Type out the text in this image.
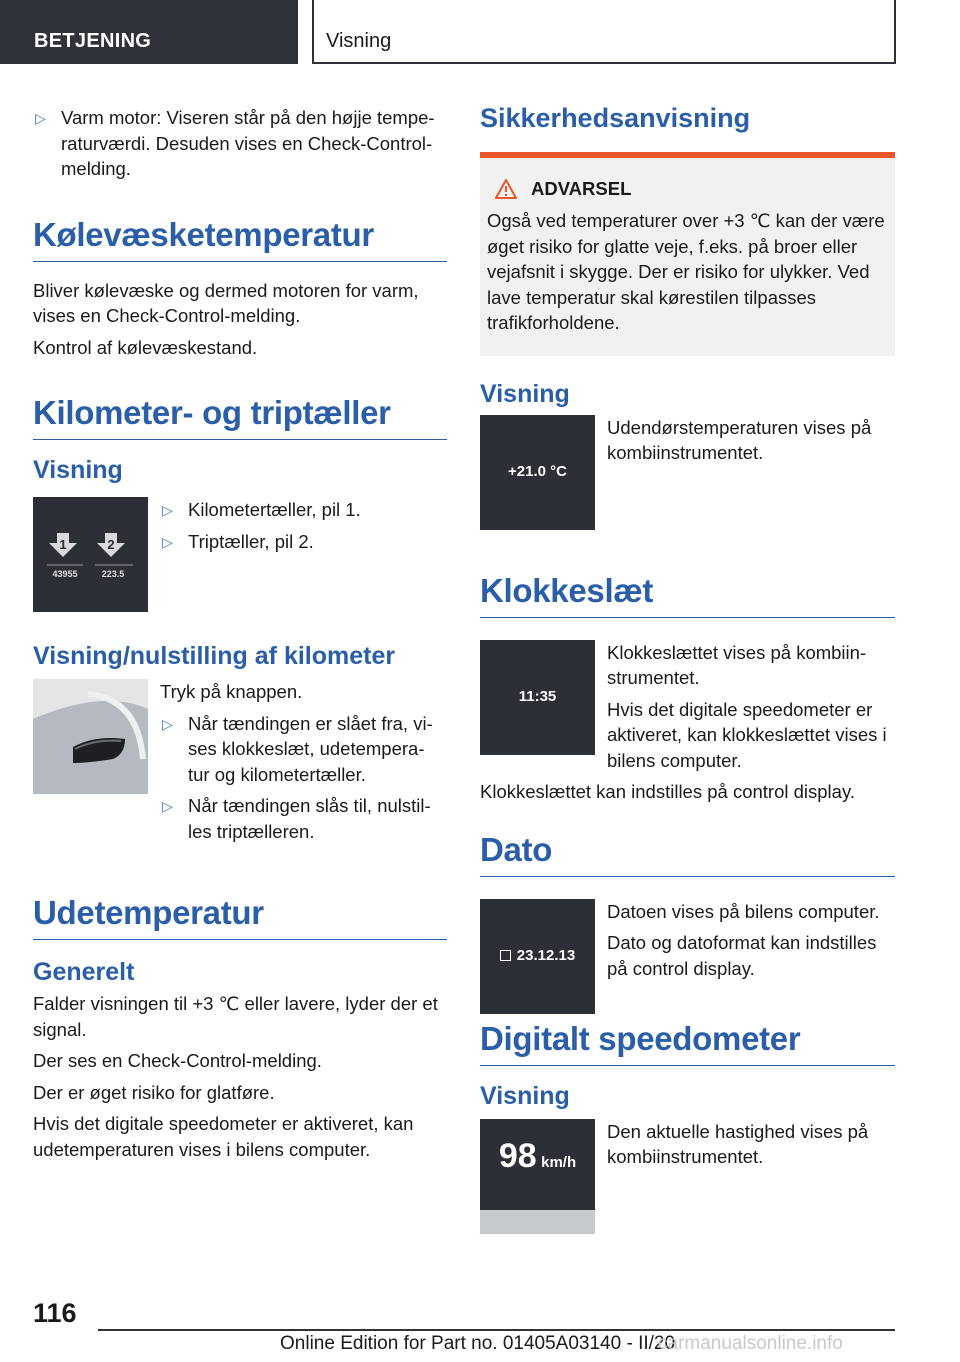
BETJENING	Visning
▷ Varm motor: Viseren står på den højje tempe- raturværdi. Desuden vises en Check-Control- melding.
Kølevæsketemperatur
Bliver kølevæske og dermed motoren for varm, vises en Check-Control-melding.
Kontrol af kølevæskestand.
Kilometer- og triptæller
Visning
1	2
43955	223.5
▷ Kilometertæller, pil 1.
▷ Triptæller, pil 2.
Visning/nulstilling af kilometer
Tryk på knappen.
▷ Når tændingen er slået fra, vi- ses klokkeslæt, udetempera- tur og kilometertæller.
▷ Når tændingen slås til, nulstil- les triptælleren.
Udetemperatur
Generelt
Falder visningen til +3 ℃ eller lavere, lyder der et signal.
Der ses en Check-Control-melding.
Der er øget risiko for glatføre.
Hvis det digitale speedometer er aktiveret, kan udetemperaturen vises i bilens computer.
Sikkerhedsanvisning
ADVARSEL
Også ved temperaturer over +3 ℃ kan der være øget risiko for glatte veje, f.eks. på broer eller vejafsnit i skygge. Der er risiko for ulykker. Ved lave temperatur skal kørestilen tilpasses trafikforholdene.
Visning
+21.0 °C
Udendørstemperaturen vises på kombiinstrumentet.
Klokkeslæt
11:35
Klokkeslættet vises på kombiin- strumentet.
Hvis det digitale speedometer er aktiveret, kan klokkeslættet vises i bilens computer.
Klokkeslættet kan indstilles på control display.
Dato
23.12.13
Datoen vises på bilens computer.
Dato og datoformat kan indstilles på control display.
Digitalt speedometer
Visning
98 km/h
Den aktuelle hastighed vises på kombiinstrumentet.
116
Online Edition for Part no. 01405A03140 - II/20
carmanualsonline.info
